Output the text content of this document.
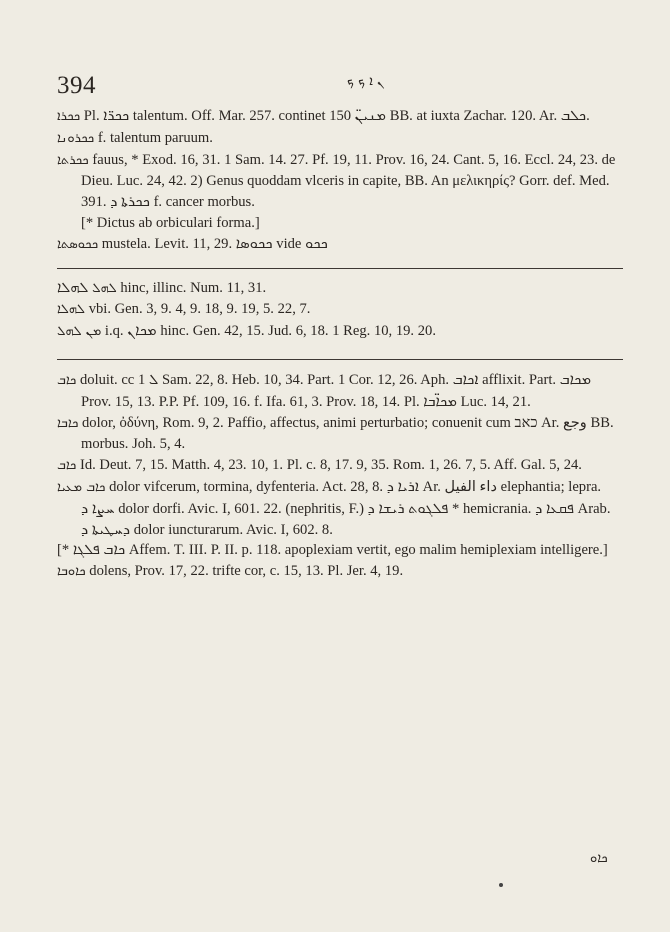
394	ܢ ܐ ܟ ܟ

ܟܟܪܐ Pl. ܟܟܪ̈ܐ talentum. Off. Mar. 257. continet 150 ܡܢܝܢ̈ BB. at iuxta Zachar. 120. Ar. ܟܠܒ.

ܟܟܪܘܢܐ f. talentum paruum.

ܟܟܪܬܐ fauus, * Exod. 16, 31. 1 Sam. 14. 27. Pf. 19, 11. Prov. 16, 24. Cant. 5, 16. Eccl. 24, 23. de Dieu. Luc. 24, 42. 2) Genus quoddam vlceris in capite, BB. An μελικηρίς? Gorr. def. Med. 391. ܟܟܪܬܐ ܕ f. cancer morbus.

[* Dictus ab orbiculari forma.]

ܟܟܘܣܬܐ mustela. Levit. 11, 29. ܟܟܘܣܐ vide ܟܟܘ

ܠܗܠ ܠܗܠܐ hinc, illinc. Num. 11, 31.

ܠܗܠܐ vbi. Gen. 3, 9. 4, 9. 18, 9. 19, 5. 22, 7.

ܡܢ ܠܗܠ i.q. ܡܟܐܢ hinc. Gen. 42, 15. Jud. 6, 18. 1 Reg. 10, 19. 20.

ܟܐܒ doluit. cc ܠ 1 Sam. 22, 8. Heb. 10, 34. Part. 1 Cor. 12, 26. Aph. ܐܟܐܒ afflixit. Part. ܡܟܐܒ Prov. 15, 13. P.P. Pf. 109, 16. f. Ifa. 61, 3. Prov. 18, 14. Pl. ܡܟܐ̈ܒܐ Luc. 14, 21.

ܟܐܒܐ dolor, ὀδύνη, Rom. 9, 2. Paffio, affectus, animi perturbatio; conuenit cum כאב Ar. وجع BB. morbus. Joh. 5, 4.

ܟܐܒ Id. Deut. 7, 15. Matth. 4, 23. 10, 1. Pl. c. 8, 17. 9, 35. Rom. 1, 26. 7, 5. Aff. Gal. 5, 24.

ܟܐܒ ܡܥܝܐ dolor vifcerum, tormina, dyfenteria. Act. 28, 8. ܐܪܝܐ ܕ Ar. داء الفيل elephantia; lepra. ܚܨܐ ܕ dolor dorfi. Avic. I, 601. 22. (nephritis, F.) ܦܠܓܘܬ ܪܝܫܐ ܕ * hemicrania. ܦܩܥܐ ܕ Arab. ܕܚܛܝܬܐ ܕ dolor iuncturarum. Avic. I, 602. 8.

[* ܟܐܒ ܦܠܓܐ Affem. T. III. P. II. p. 118. apoplexiam vertit, ego malim hemiplexiam intelligere.]

ܟܐܘܒܐ dolens, Prov. 17, 22. trifte cor, c. 15, 13. Pl. Jer. 4, 19.

ܟܐܘ
